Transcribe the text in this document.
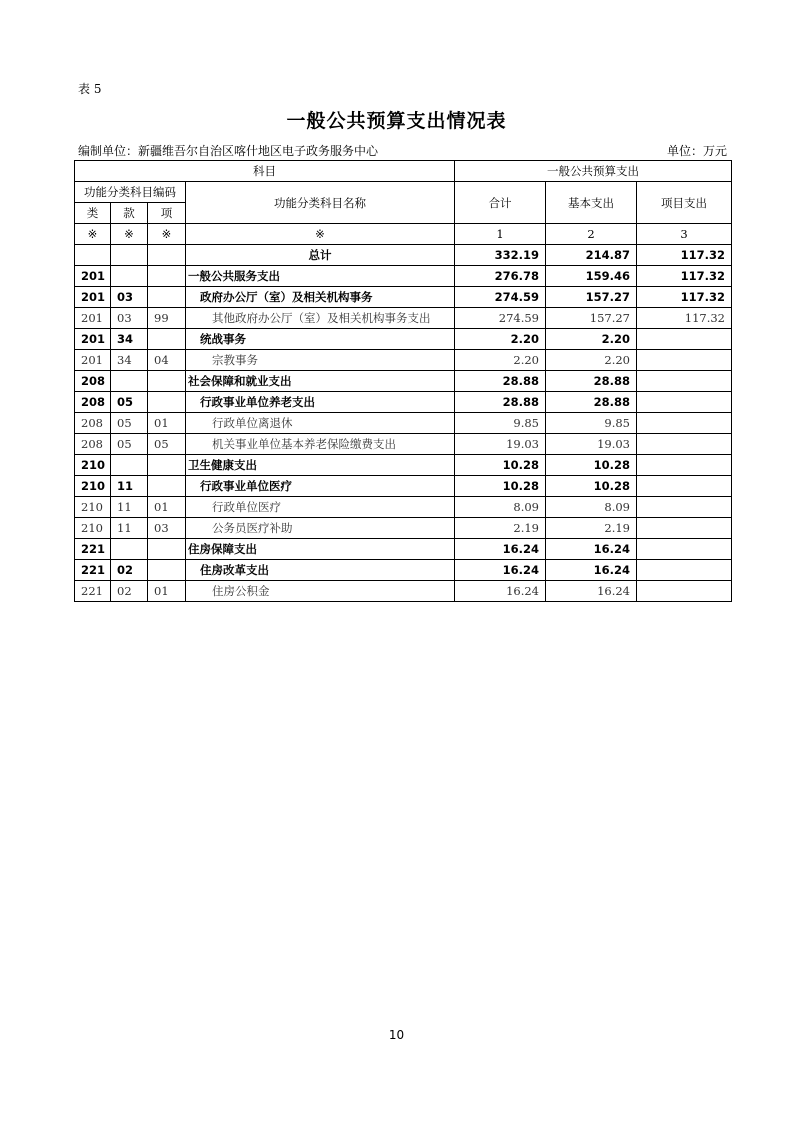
表 5
一般公共预算支出情况表
编制单位：新疆维吾尔自治区喀什地区电子政务服务中心	单位：万元
科目				一般公共预算支出		
功能分类科目编码			功能分类科目名称	合计	基本支出	项目支出
类	款	项				
※	※	※	※	1	2	3
			总计	332.19	214.87	117.32
201			一般公共服务支出	276.78	159.46	117.32
201	03		政府办公厅（室）及相关机构事务	274.59	157.27	117.32
201	03	99	其他政府办公厅（室）及相关机构事务支出	274.59	157.27	117.32
201	34		统战事务	2.20	2.20	
201	34	04	宗教事务	2.20	2.20	
208			社会保障和就业支出	28.88	28.88	
208	05		行政事业单位养老支出	28.88	28.88	
208	05	01	行政单位离退休	9.85	9.85	
208	05	05	机关事业单位基本养老保险缴费支出	19.03	19.03	
210			卫生健康支出	10.28	10.28	
210	11		行政事业单位医疗	10.28	10.28	
210	11	01	行政单位医疗	8.09	8.09	
210	11	03	公务员医疗补助	2.19	2.19	
221			住房保障支出	16.24	16.24	
221	02		住房改革支出	16.24	16.24	
221	02	01	住房公积金	16.24	16.24	
10
